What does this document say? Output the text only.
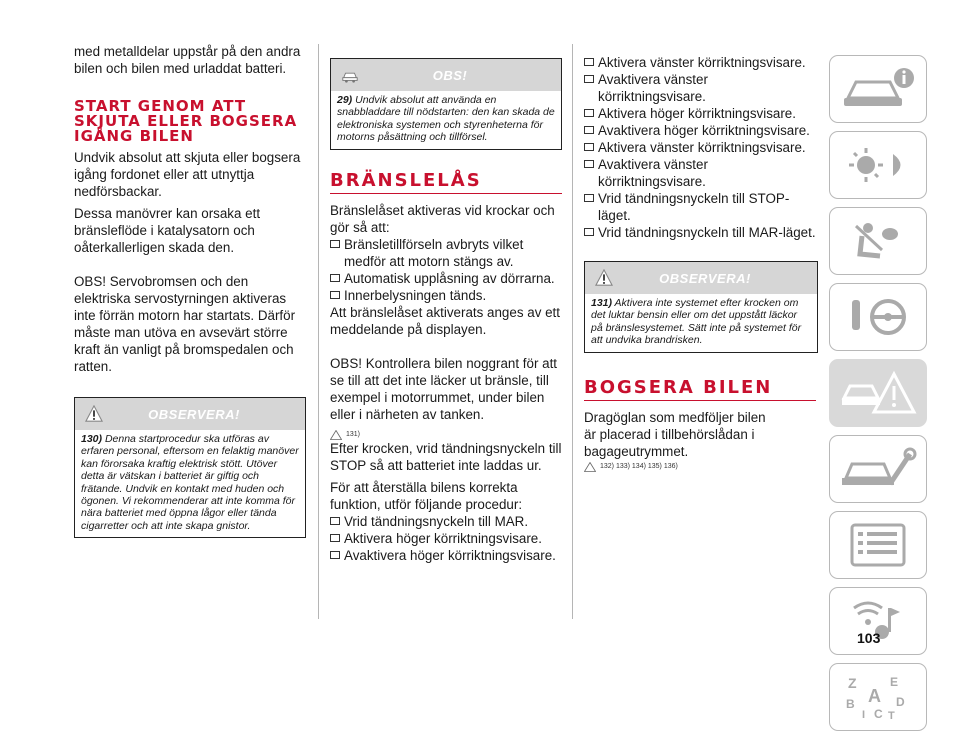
med metalldelar uppstår på den andra bilen och bilen med urladdat batteri.

START GENOM ATT SKJUTA ELLER BOGSERA IGÅNG BILEN

Undvik absolut att skjuta eller bogsera igång fordonet eller att utnyttja nedförsbackar.

Dessa manövrer kan orsaka ett bränsleflöde i katalysatorn och oåterkallerligen skada den.

OBS! Servobromsen och den elektriska servostyrningen aktiveras inte förrän motorn har startats. Därför måste man utöva en avsevärt större kraft än vanligt på bromspedalen och ratten.

OBSERVERA!
130) Denna startprocedur ska utföras av erfaren personal, eftersom en felaktig manöver kan förorsaka kraftig elektrisk stött. Utöver detta är vätskan i batteriet är giftig och frätande. Undvik en kontakt med huden och ögonen. Vi rekommenderar att inte komma för nära batteriet med öppna lågor eller tända cigarretter och att inte skapa gnistor.
OBS!
29) Undvik absolut att använda en snabbladdare till nödstarten: den kan skada de elektroniska systemen och styrenheterna för motorns påsättning och tillförsel.
BRÄNSLELÅS

Bränslelåset aktiveras vid krockar och gör så att:

Bränsletillförseln avbryts vilket medför att motorn stängs av.
Automatisk upplåsning av dörrarna.
Innerbelysningen tänds.

Att bränslelåset aktiverats anges av ett meddelande på displayen.

OBS! Kontrollera bilen noggrant för att se till att det inte läcker ut bränsle, till exempel i motorrummet, under bilen eller i närheten av tanken.

131)

Efter krocken, vrid tändningsnyckeln till STOP så att batteriet inte laddas ur.

För att återställa bilens korrekta funktion, utför följande procedur:

Vrid tändningsnyckeln till MAR.
Aktivera höger körriktningsvisare.
Avaktivera höger körriktningsvisare.
Aktivera vänster körriktningsvisare.
Avaktivera vänster körriktningsvisare.
Aktivera höger körriktningsvisare.
Avaktivera höger körriktningsvisare.
Aktivera vänster körriktningsvisare.
Avaktivera vänster körriktningsvisare.
Vrid tändningsnyckeln till STOP-läget.
Vrid tändningsnyckeln till MAR-läget.
OBSERVERA!
131) Aktivera inte systemet efter krocken om det luktar bensin eller om det uppstått läckor på bränslesystemet. Sätt inte på systemet för att undvika brandrisken.
BOGSERA BILEN

Dragöglan som medföljer bilen är placerad i tillbehörslådan i bagageutrymmet.

132) 133) 134) 135) 136)
Z	E
B A D
I C T
103
